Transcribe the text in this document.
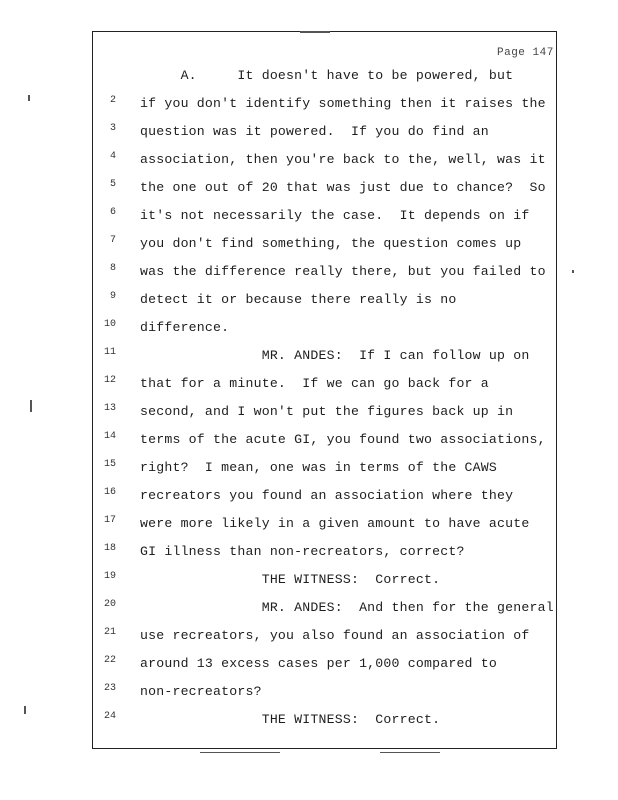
Page 147
A.     It doesn't have to be powered, but
2 if you don't identify something then it raises the
3 question was it powered.  If you do find an
4 association, then you're back to the, well, was it
5 the one out of 20 that was just due to chance?  So
6 it's not necessarily the case.  It depends on if
7 you don't find something, the question comes up
8 was the difference really there, but you failed to
9 detect it or because there really is no
10 difference.
11 MR. ANDES:  If I can follow up on
12 that for a minute.  If we can go back for a
13 second, and I won't put the figures back up in
14 terms of the acute GI, you found two associations,
15 right?  I mean, one was in terms of the CAWS
16 recreators you found an association where they
17 were more likely in a given amount to have acute
18 GI illness than non-recreators, correct?
19 THE WITNESS:  Correct.
20 MR. ANDES:  And then for the general
21 use recreators, you also found an association of
22 around 13 excess cases per 1,000 compared to
23 non-recreators?
24 THE WITNESS:  Correct.
